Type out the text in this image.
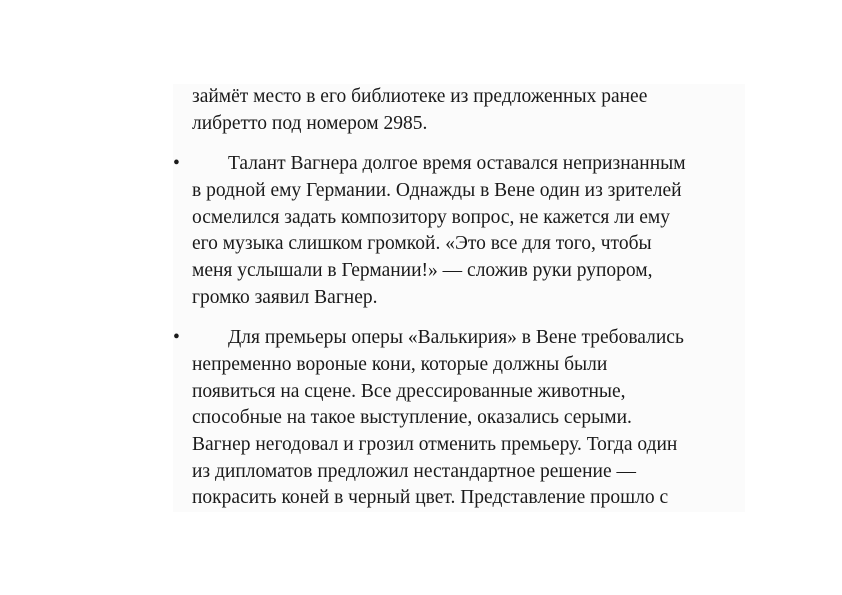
займёт место в его библиотеке из предложенных ранее
либретто под номером 2985.
• Талант Вагнера долгое время оставался непризнанным
в родной ему Германии. Однажды в Вене один из зрителей
осмелился задать композитору вопрос, не кажется ли ему
его музыка слишком громкой. «Это все для того, чтобы
меня услышали в Германии!» — сложив руки рупором,
громко заявил Вагнер.
• Для премьеры оперы «Валькирия» в Вене требовались
непременно вороные кони, которые должны были
появиться на сцене. Все дрессированные животные,
способные на такое выступление, оказались серыми.
Вагнер негодовал и грозил отменить премьеру. Тогда один
из дипломатов предложил нестандартное решение —
покрасить коней в черный цвет. Представление прошло с
